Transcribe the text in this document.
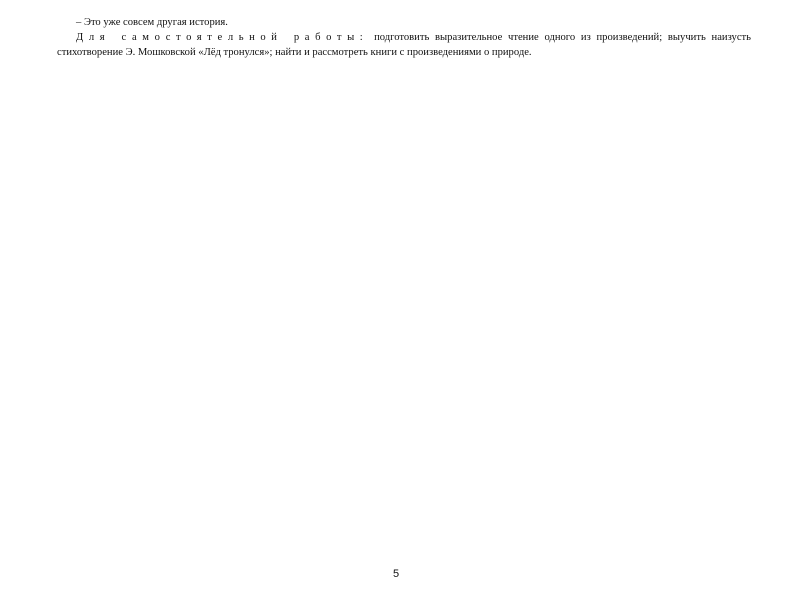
– Это уже совсем другая история.

Для самостоятельной работы: подготовить выразительное чтение одного из произведений; выучить наизусть стихотворение Э. Мошковской «Лёд тронулся»; найти и рассмотреть книги с произведениями о природе.

5
